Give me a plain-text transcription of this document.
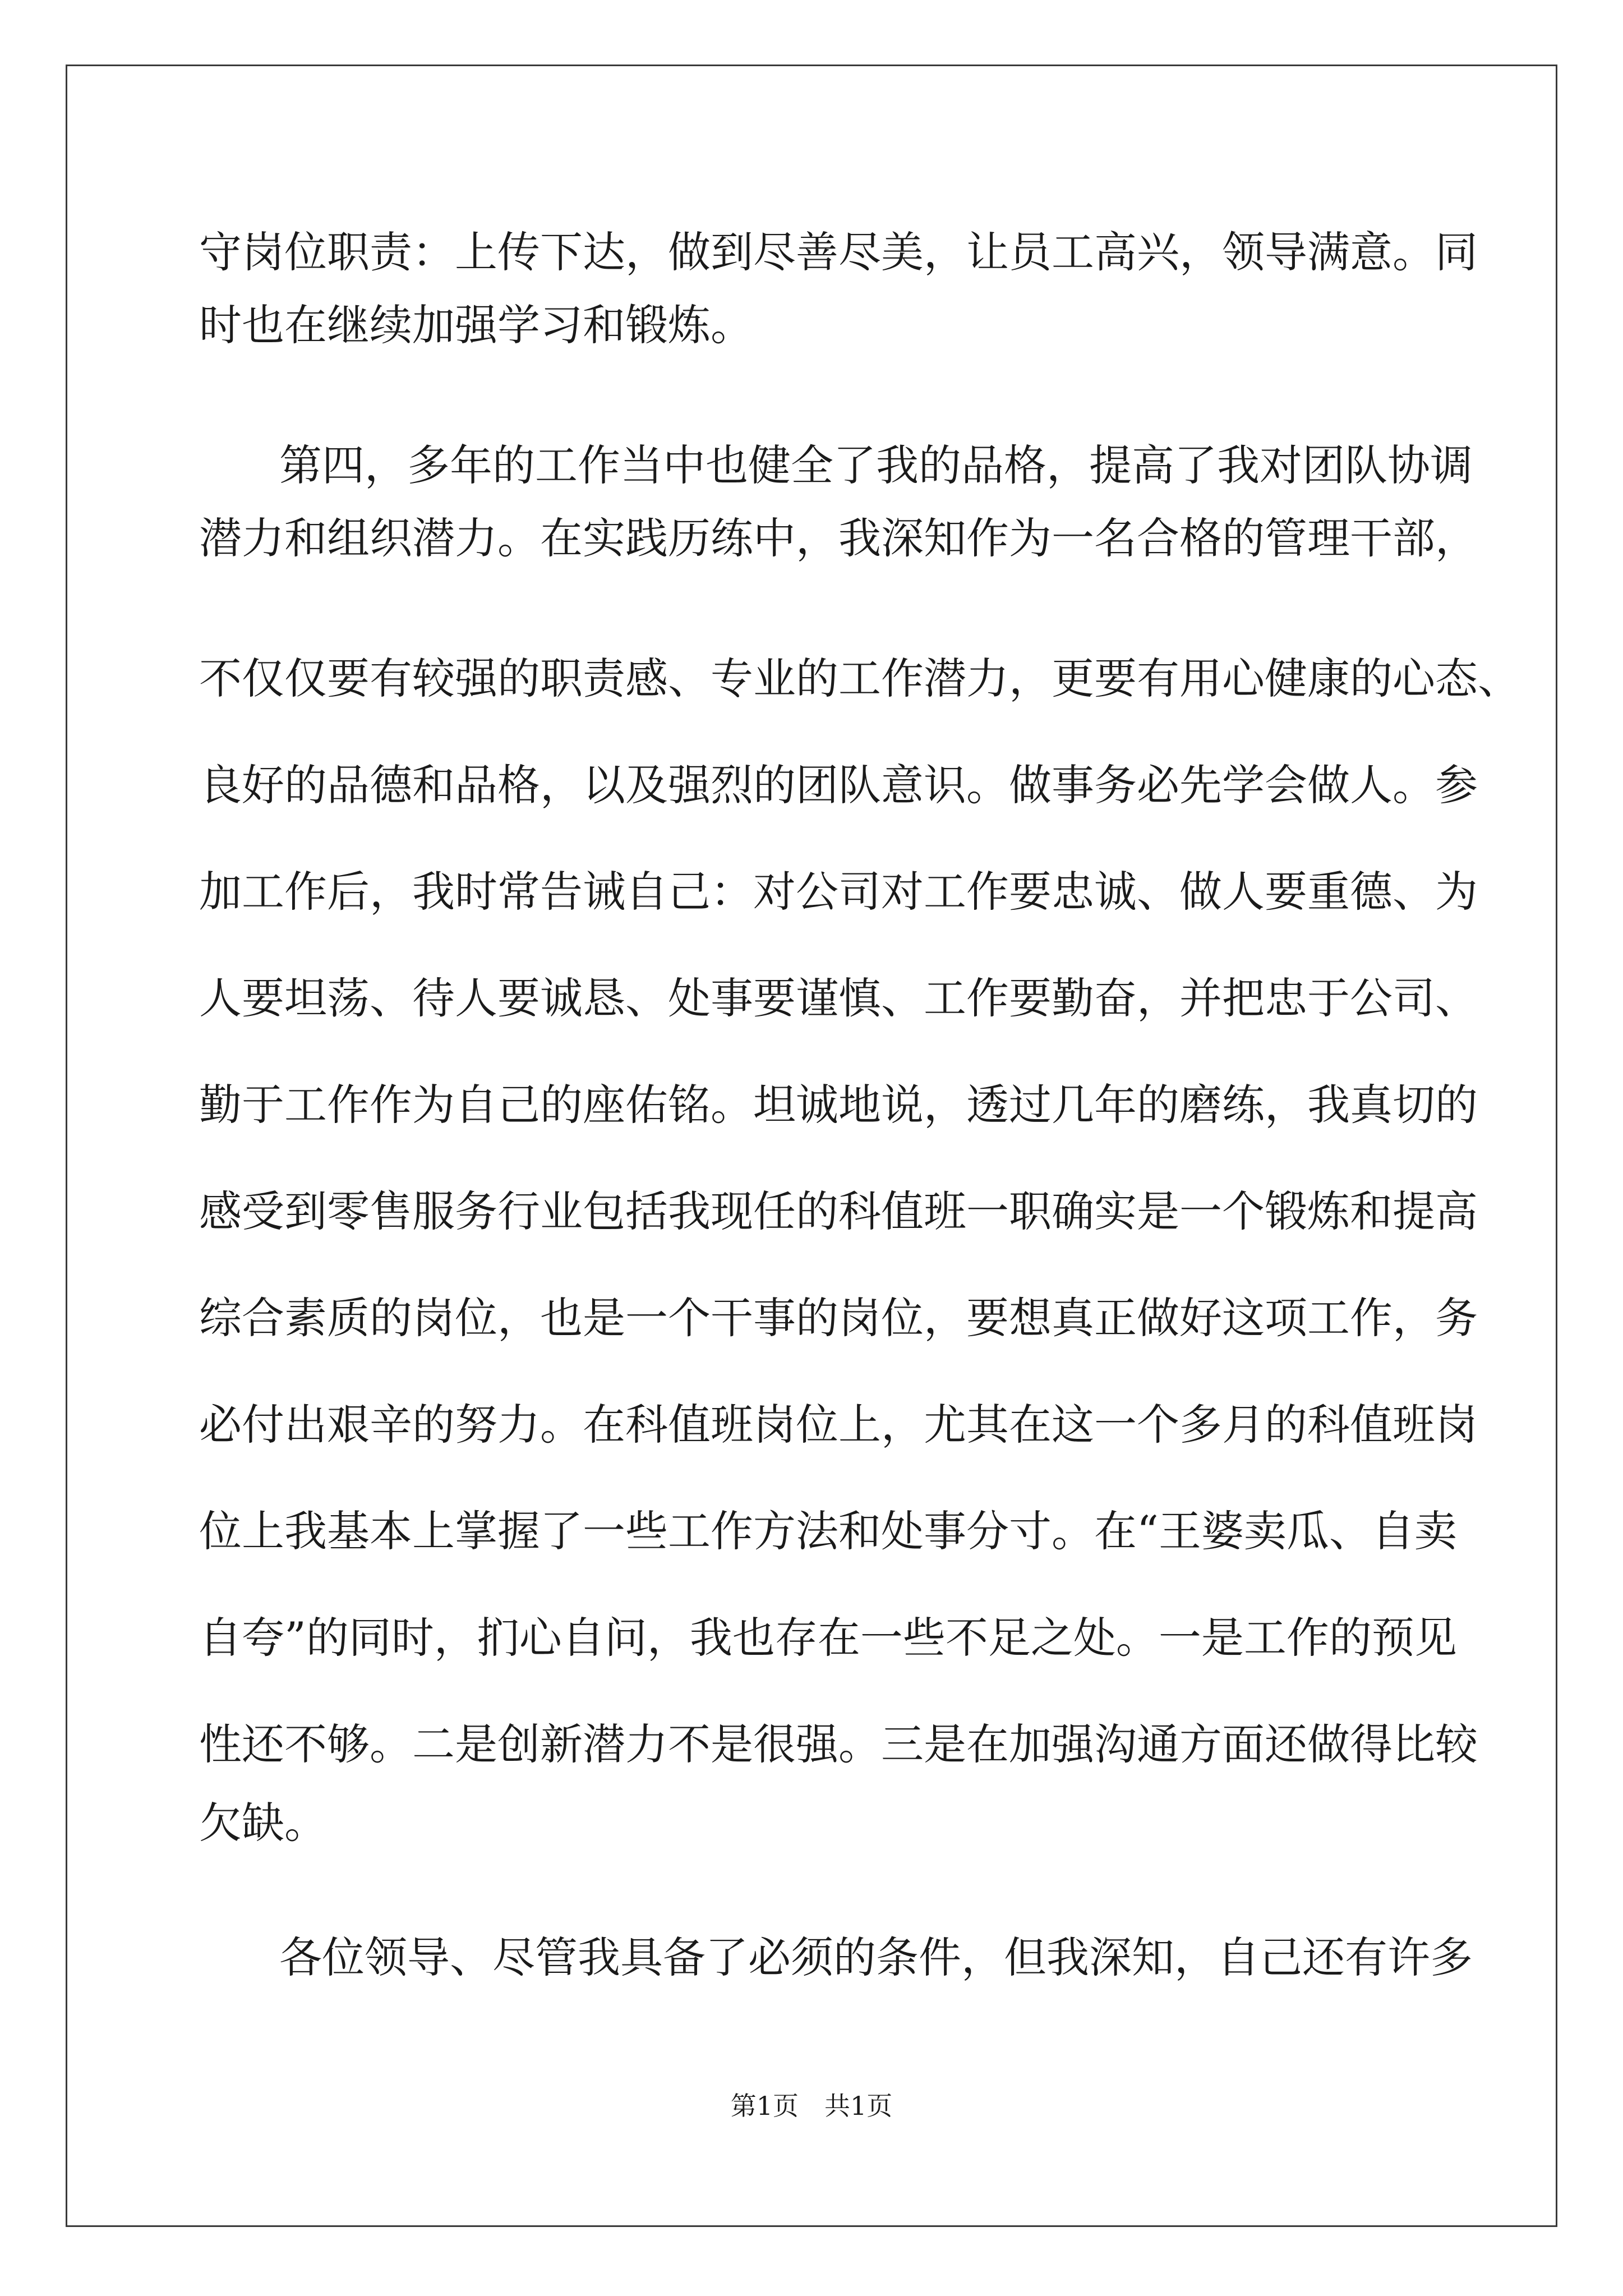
守岗位职责：上传下达，做到尽善尽美，让员工高兴，领导满意。同
时也在继续加强学习和锻炼。
第四，多年的工作当中也健全了我的品格，提高了我对团队协调
潜力和组织潜力。在实践历练中，我深知作为一名合格的管理干部，
不仅仅要有较强的职责感、专业的工作潜力，更要有用心健康的心态、
良好的品德和品格，以及强烈的团队意识。做事务必先学会做人。参
加工作后，我时常告诫自己：对公司对工作要忠诚、做人要重德、为
人要坦荡、待人要诚恳、处事要谨慎、工作要勤奋，并把忠于公司、
勤于工作作为自己的座佑铭。坦诚地说，透过几年的磨练，我真切的
感受到零售服务行业包括我现任的科值班一职确实是一个锻炼和提高
综合素质的岗位，也是一个干事的岗位，要想真正做好这项工作，务
必付出艰辛的努力。在科值班岗位上，尤其在这一个多月的科值班岗
位上我基本上掌握了一些工作方法和处事分寸。在“王婆卖瓜、自卖
自夸”的同时，扪心自问，我也存在一些不足之处。一是工作的预见
性还不够。二是创新潜力不是很强。三是在加强沟通方面还做得比较
欠缺。
各位领导、尽管我具备了必须的条件，但我深知，自己还有许多
第1页　共1页
